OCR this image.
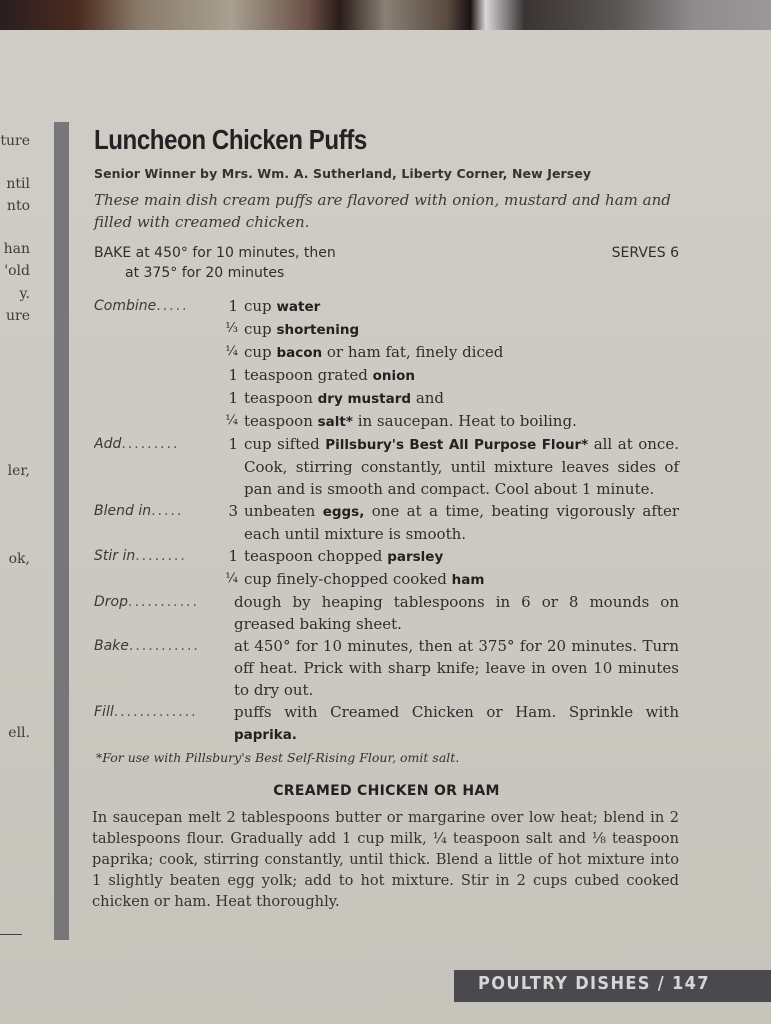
ture
ntil
nto
han
'old
y.
ure
ler,
ok,
ell.
Luncheon Chicken Puffs
Senior Winner by Mrs. Wm. A. Sutherland, Liberty Corner, New Jersey
These main dish cream puffs are flavored with onion, mustard and ham and filled with creamed chicken.
BAKE at 450° for 10 minutes, then
at 375° for 20 minutes
SERVES 6
Combine.....	1 cup water
⅓ cup shortening
¼ cup bacon or ham fat, finely diced
1 teaspoon grated onion
1 teaspoon dry mustard and
¼ teaspoon salt* in saucepan. Heat to boiling.
Add.........	1 cup sifted Pillsbury's Best All Purpose Flour* all at once. Cook, stirring constantly, until mixture leaves sides of pan and is smooth and compact. Cool about 1 minute.
Blend in.....	3 unbeaten eggs, one at a time, beating vigorously after each until mixture is smooth.
Stir in........	1 teaspoon chopped parsley
¼ cup finely-chopped cooked ham
Drop...........	dough by heaping tablespoons in 6 or 8 mounds on greased baking sheet.
Bake...........	at 450° for 10 minutes, then at 375° for 20 minutes. Turn off heat. Prick with sharp knife; leave in oven 10 minutes to dry out.
Fill.............	puffs with Creamed Chicken or Ham. Sprinkle with paprika.
*For use with Pillsbury's Best Self-Rising Flour, omit salt.
CREAMED CHICKEN OR HAM
In saucepan melt 2 tablespoons butter or margarine over low heat; blend in 2 tablespoons flour. Gradually add 1 cup milk, ¼ teaspoon salt and ⅛ teaspoon paprika; cook, stirring constantly, until thick. Blend a little of hot mixture into 1 slightly beaten egg yolk; add to hot mixture. Stir in 2 cups cubed cooked chicken or ham. Heat thoroughly.
POULTRY DISHES / 147
